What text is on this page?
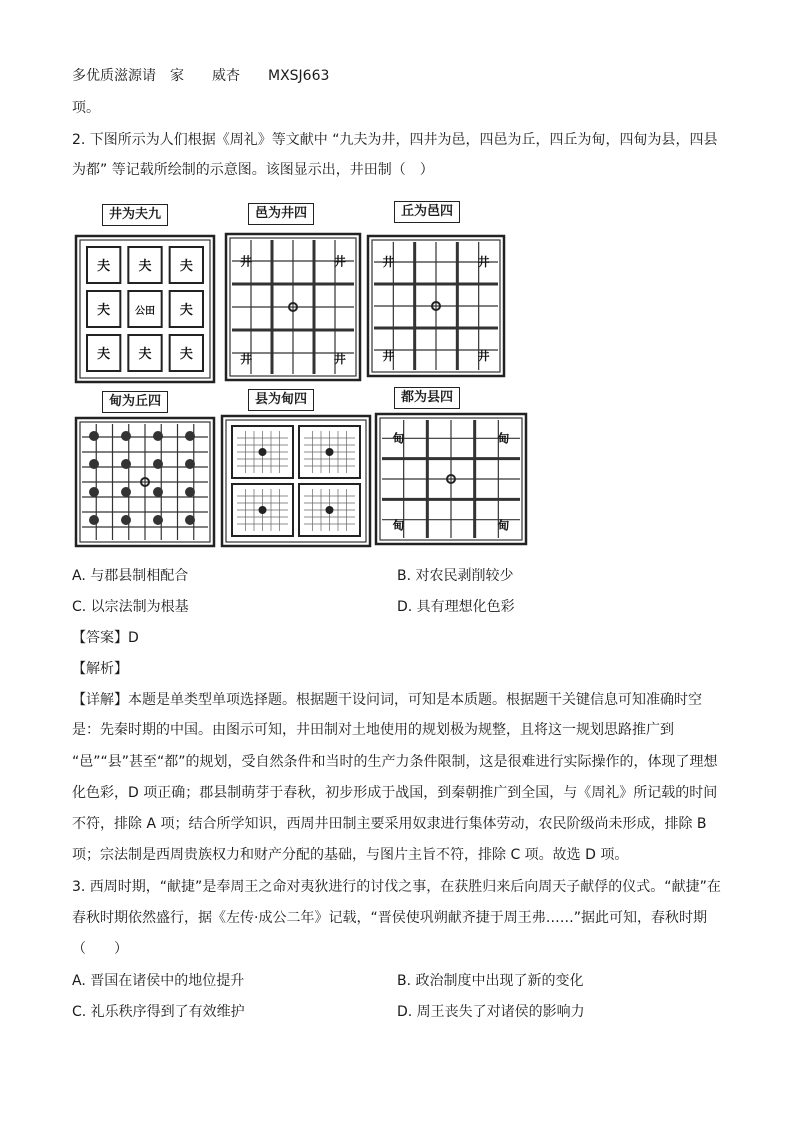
多优质滋源请　家　　威杏　　MXSJ663
项。
2. 下图所示为人们根据《周礼》等文献中 “九夫为井，四井为邑，四邑为丘，四丘为甸，四甸为县，四县
为都” 等记载所绘制的示意图。该图显示出，井田制（　）
夫 夫 夫
夫 公田 夫
夫 夫 夫
井	井
井	井
井	井
井	井
甸	甸
甸	甸
井为夫九	邑为井四	丘为邑四
甸为丘四	县为甸四	都为县四
A. 与郡县制相配合	B. 对农民剥削较少
C. 以宗法制为根基	D. 具有理想化色彩
【答案】D
【解析】
【详解】本题是单类型单项选择题。根据题干设问词，可知是本质题。根据题干关键信息可知准确时空
是：先秦时期的中国。由图示可知，井田制对土地使用的规划极为规整，且将这一规划思路推广到
“邑”“县”甚至“都”的规划，受自然条件和当时的生产力条件限制，这是很难进行实际操作的，体现了理想
化色彩，D 项正确；郡县制萌芽于春秋，初步形成于战国，到秦朝推广到全国，与《周礼》所记载的时间
不符，排除 A 项；结合所学知识，西周井田制主要采用奴隶进行集体劳动，农民阶级尚未形成，排除 B
项；宗法制是西周贵族权力和财产分配的基础，与图片主旨不符，排除 C 项。故选 D 项。
3. 西周时期，“献捷”是奉周王之命对夷狄进行的讨伐之事，在获胜归来后向周天子献俘的仪式。“献捷”在
春秋时期依然盛行，据《左传·成公二年》记载，“晋侯使巩朔献齐捷于周王弗……”据此可知，春秋时期
（　　）
A. 晋国在诸侯中的地位提升	B. 政治制度中出现了新的变化
C. 礼乐秩序得到了有效维护	D. 周王丧失了对诸侯的影响力
